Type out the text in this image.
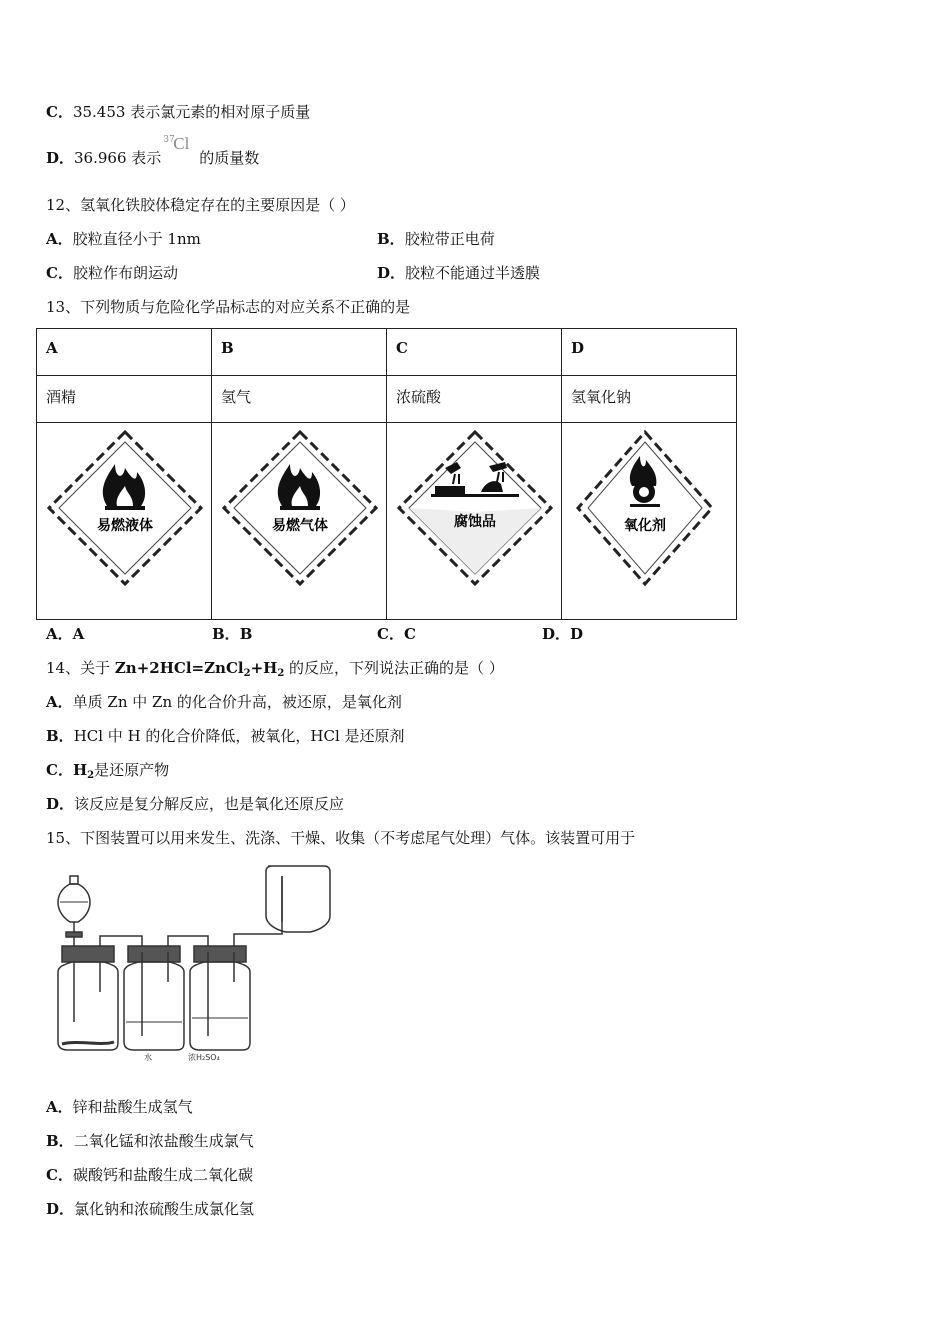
C．35.453 表示氯元素的相对原子质量
D．36.966 表示
37
Cl
的质量数
12、氢氧化铁胶体稳定存在的主要原因是（ ）
A．胶粒直径小于 1nm	B．胶粒带正电荷
C．胶粒作布朗运动	D．胶粒不能通过半透膜
13、下列物质与危险化学品标志的对应关系不正确的是
A	B	C	D
酒精	氢气	浓硫酸	氢氧化钠

易燃液体	易燃气体	腐蚀品	氧化剂
A．A	B．B	C．C	D．D
14、关于 $Zn+2HCl=ZnCl_2+H_2$ 的反应，下列说法正确的是（ ）
A．单质 Zn 中 Zn 的化合价升高，被还原，是氧化剂
B．HCl 中 H 的化合价降低，被氧化，HCl 是还原剂
C．$H_2$是还原产物
D．该反应是复分解反应，也是氧化还原反应
15、下图装置可以用来发生、洗涤、干燥、收集（不考虑尾气处理）气体。该装置可用于
水	浓H₂SO₄
A．锌和盐酸生成氢气
B．二氧化锰和浓盐酸生成氯气
C．碳酸钙和盐酸生成二氧化碳
D．氯化钠和浓硫酸生成氯化氢
